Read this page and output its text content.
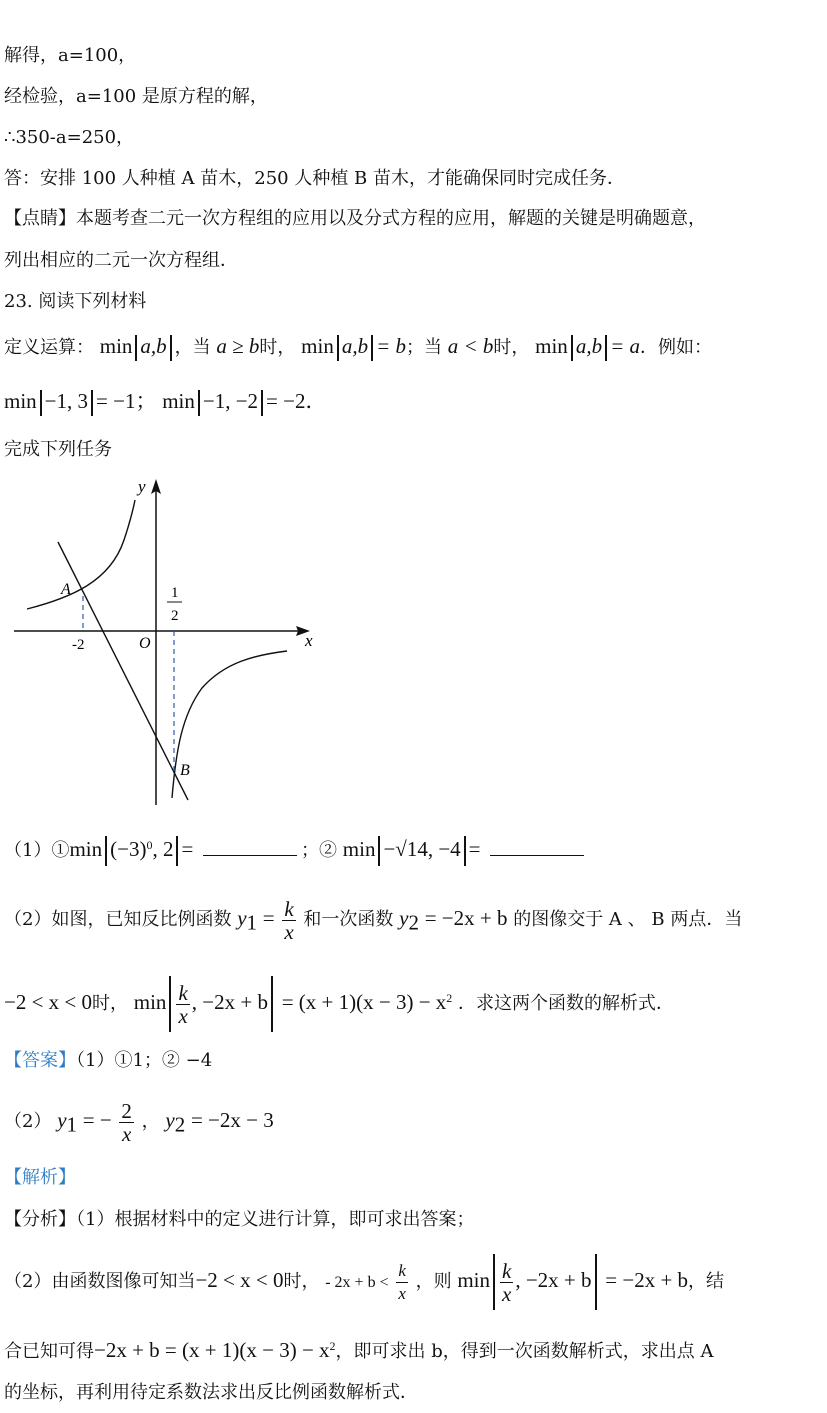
解得，a=100，
经检验，a=100 是原方程的解，
∴350-a=250，
答：安排 100 人种植 A 苗木，250 人种植 B 苗木，才能确保同时完成任务．
【点睛】本题考查二元一次方程组的应用以及分式方程的应用，解题的关键是明确题意，
列出相应的二元一次方程组．
23. 阅读下列材料
定义运算： min a,b ，当 a ≥ b时， min a,b = b；当 a < b时， min a,b = a．例如：
min −1, 3 = −1； min −1, −2 = −2．
完成下列任务
y
x
O
A
B
-2
1
2
（1）①min $(-3)^0$, 2 =	；② min −√14, −4 =
（2）如图，已知反比例函数 $y_1 = \frac{k}{x}$ 和一次函数 $y_2 = -2x + b$ 的图像交于 A 、 B 两点．当
−2 < x < 0时， $\min \frac{k}{x}$ , $-2x + b = (x + 1)(x - 3) - x^2$ ．求这两个函数的解析式．
【答案】（1）①1；② −4
（2） $y_1$ = − $\frac{2}{x}$ ， $y_2 = -2x - 3$
【解析】
【分析】（1）根据材料中的定义进行计算，即可求出答案；
（2）由函数图像可知当−2 < x < 0时， - $2x + b < \frac{k}{x}$ ，则 $\min \frac{k}{x}$ , −2x + b = −2x + b，结
合已知可得$-2x + b = (x + 1)(x - 3) - x^2$，即可求出 b，得到一次函数解析式，求出点 A
的坐标，再利用待定系数法求出反比例函数解析式．
